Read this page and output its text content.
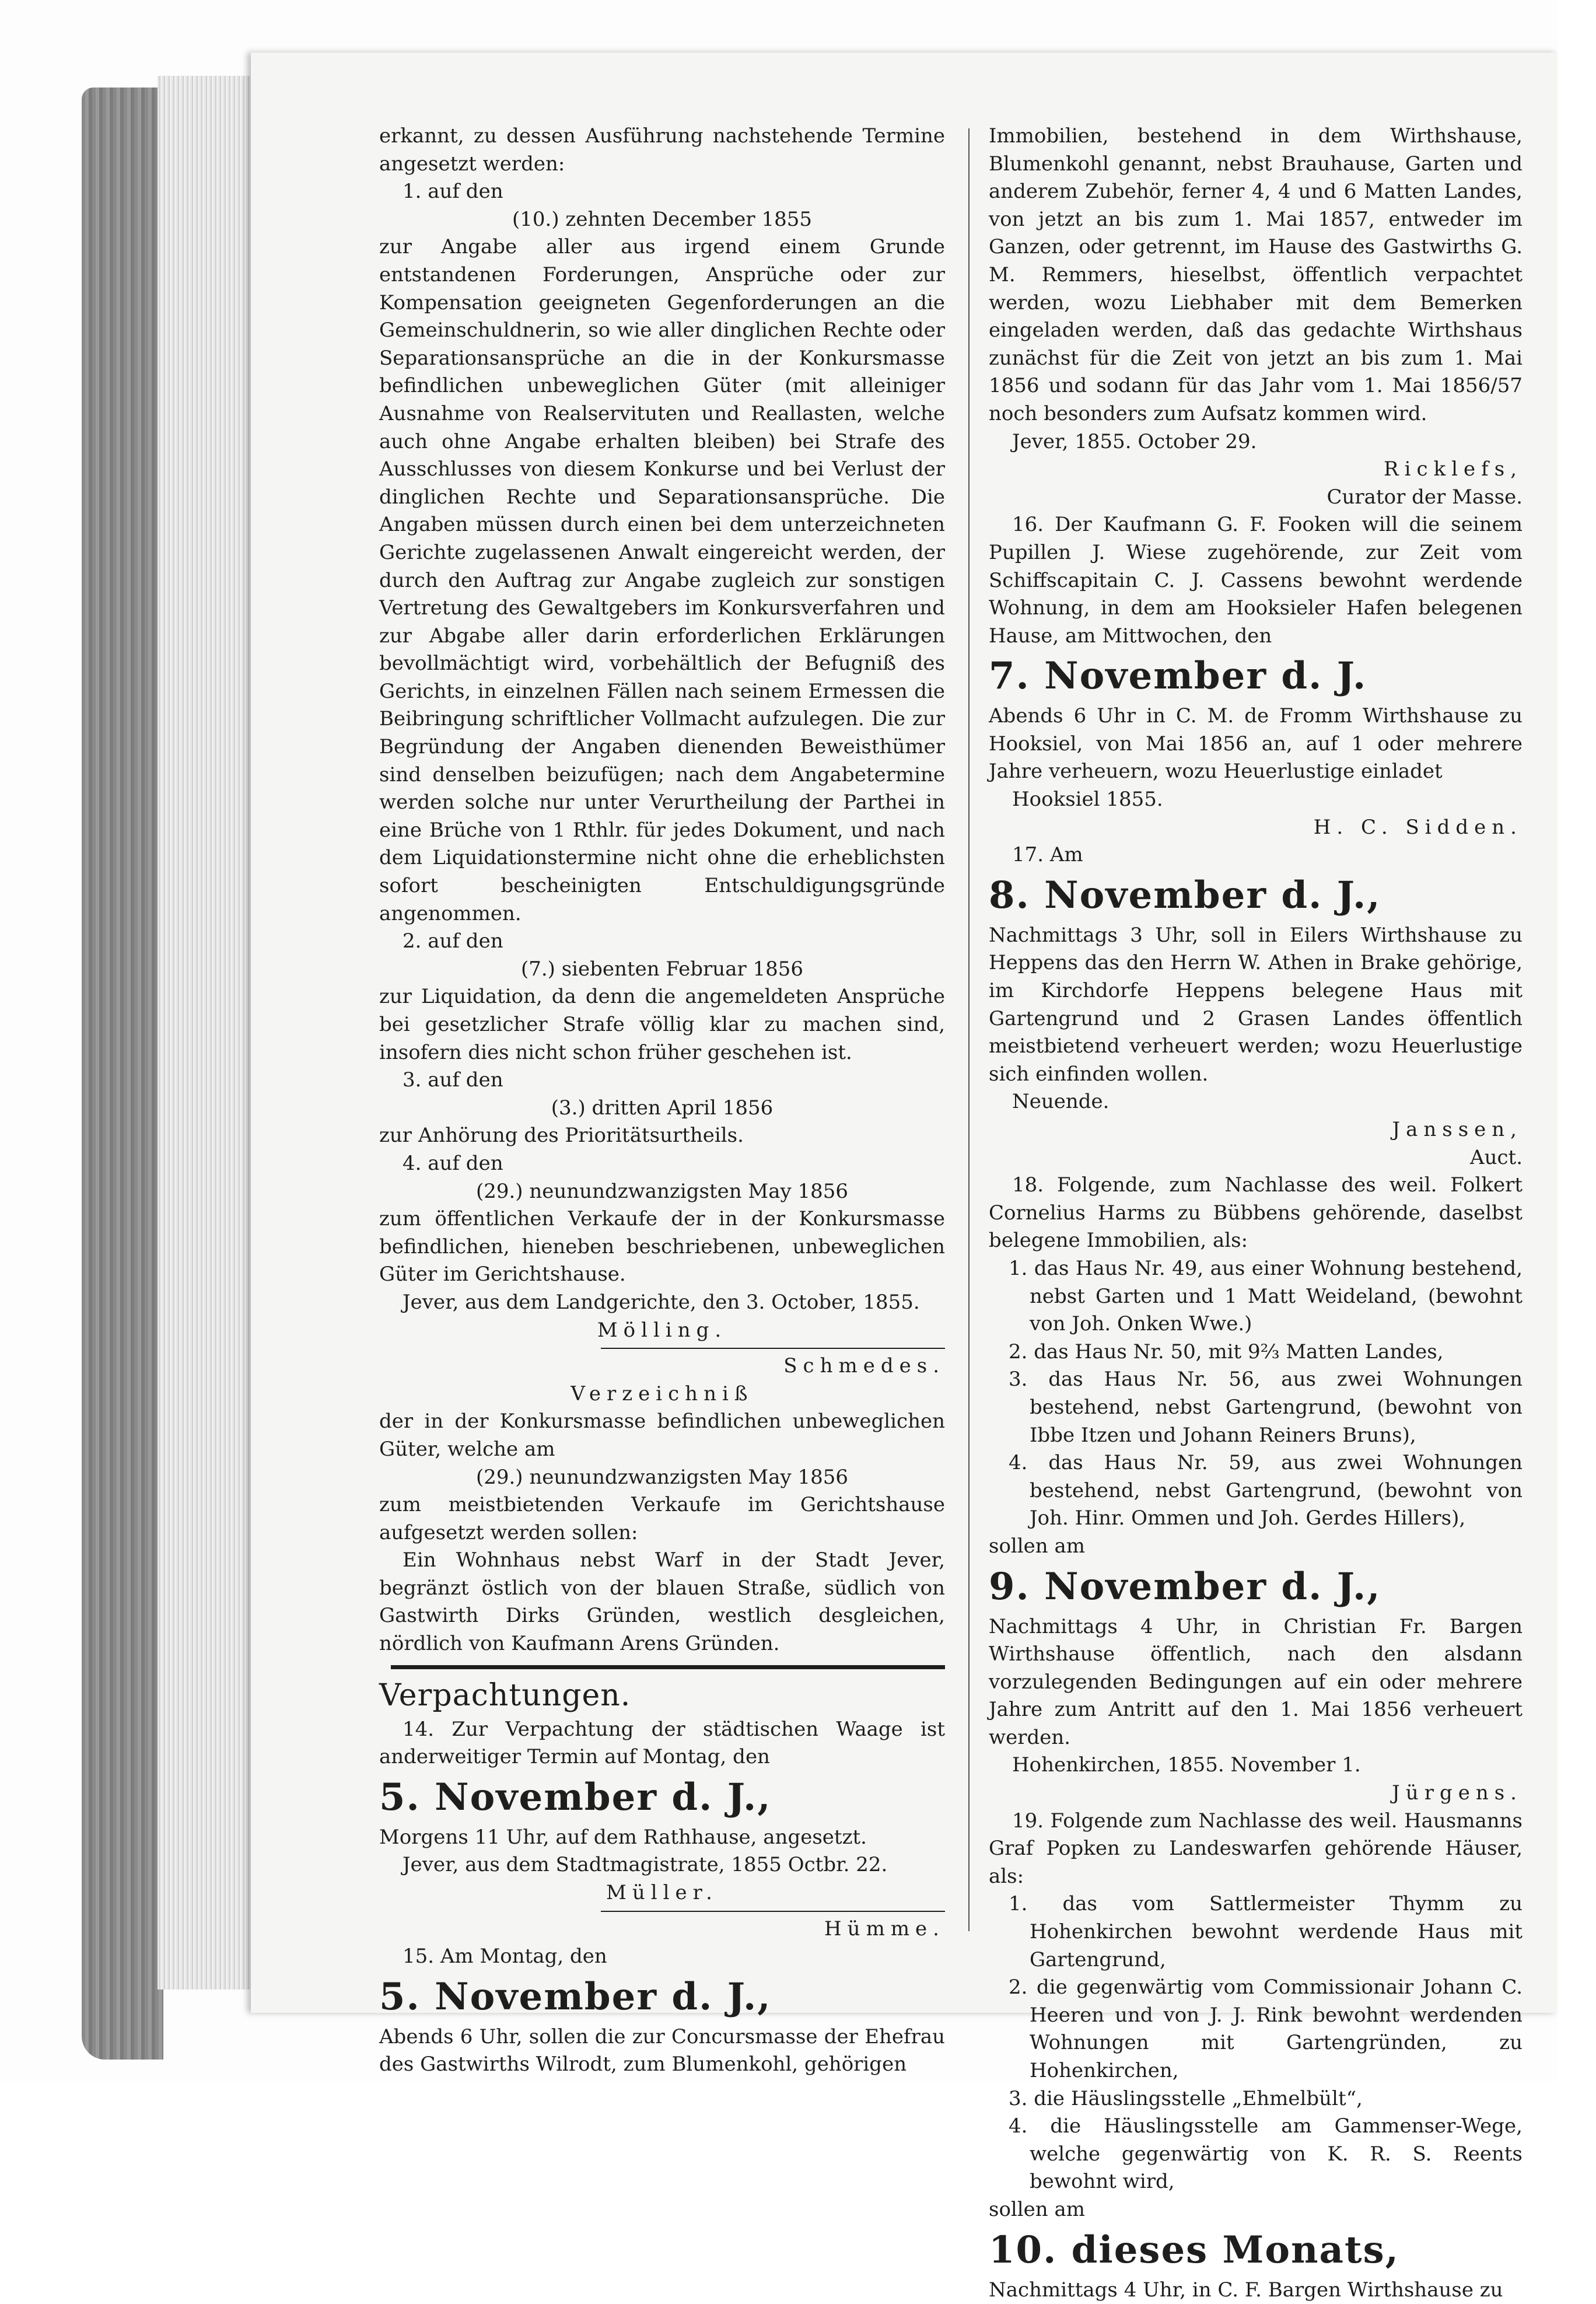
erkannt, zu dessen Ausführung nachstehende Termine angesetzt werden:

1. auf den

(10.) zehnten December 1855

zur Angabe aller aus irgend einem Grunde entstandenen Forderungen, Ansprüche oder zur Kompensation geeigneten Gegenforderungen an die Gemeinschuldnerin, so wie aller dinglichen Rechte oder Separationsansprüche an die in der Konkursmasse befindlichen unbeweglichen Güter (mit alleiniger Ausnahme von Realservituten und Reallasten, welche auch ohne Angabe erhalten bleiben) bei Strafe des Ausschlusses von diesem Konkurse und bei Verlust der dinglichen Rechte und Separationsansprüche. Die Angaben müssen durch einen bei dem unterzeichneten Gerichte zugelassenen Anwalt eingereicht werden, der durch den Auftrag zur Angabe zugleich zur sonstigen Vertretung des Gewaltgebers im Konkursverfahren und zur Abgabe aller darin erforderlichen Erklärungen bevollmächtigt wird, vorbehältlich der Befugniß des Gerichts, in einzelnen Fällen nach seinem Ermessen die Beibringung schriftlicher Vollmacht aufzulegen. Die zur Begründung der Angaben dienenden Beweisthümer sind denselben beizufügen; nach dem Angabetermine werden solche nur unter Verurtheilung der Parthei in eine Brüche von 1 Rthlr. für jedes Dokument, und nach dem Liquidationstermine nicht ohne die erheblichsten sofort bescheinigten Entschuldigungsgründe angenommen.

2. auf den

(7.) siebenten Februar 1856

zur Liquidation, da denn die angemeldeten Ansprüche bei gesetzlicher Strafe völlig klar zu machen sind, insofern dies nicht schon früher geschehen ist.

3. auf den

(3.) dritten April 1856

zur Anhörung des Prioritätsurtheils.

4. auf den

(29.) neunundzwanzigsten May 1856

zum öffentlichen Verkaufe der in der Konkursmasse befindlichen, hieneben beschriebenen, unbeweglichen Güter im Gerichtshause.

Jever, aus dem Landgerichte, den 3. October, 1855.

Mölling.

Schmedes.

Verzeichniß

der in der Konkursmasse befindlichen unbeweglichen Güter, welche am

(29.) neunundzwanzigsten May 1856

zum meistbietenden Verkaufe im Gerichtshause aufgesetzt werden sollen:

Ein Wohnhaus nebst Warf in der Stadt Jever, begränzt östlich von der blauen Straße, südlich von Gastwirth Dirks Gründen, westlich desgleichen, nördlich von Kaufmann Arens Gründen.

Verpachtungen.

14. Zur Verpachtung der städtischen Waage ist anderweitiger Termin auf Montag, den

5. November d. J.,

Morgens 11 Uhr, auf dem Rathhause, angesetzt.

Jever, aus dem Stadtmagistrate, 1855 Octbr. 22.

Müller.

Hümme.

15. Am Montag, den

5. November d. J.,

Abends 6 Uhr, sollen die zur Concursmasse der Ehefrau des Gastwirths Wilrodt, zum Blumenkohl, gehörigen

Immobilien, bestehend in dem Wirthshause, Blumenkohl genannt, nebst Brauhause, Garten und anderem Zubehör, ferner 4, 4 und 6 Matten Landes, von jetzt an bis zum 1. Mai 1857, entweder im Ganzen, oder getrennt, im Hause des Gastwirths G. M. Remmers, hieselbst, öffentlich verpachtet werden, wozu Liebhaber mit dem Bemerken eingeladen werden, daß das gedachte Wirthshaus zunächst für die Zeit von jetzt an bis zum 1. Mai 1856 und sodann für das Jahr vom 1. Mai 1856/57 noch besonders zum Aufsatz kommen wird.

Jever, 1855. October 29.

Ricklefs,

Curator der Masse.

16. Der Kaufmann G. F. Fooken will die seinem Pupillen J. Wiese zugehörende, zur Zeit vom Schiffscapitain C. J. Cassens bewohnt werdende Wohnung, in dem am Hooksieler Hafen belegenen Hause, am Mittwochen, den

7. November d. J.

Abends 6 Uhr in C. M. de Fromm Wirthshause zu Hooksiel, von Mai 1856 an, auf 1 oder mehrere Jahre verheuern, wozu Heuerlustige einladet

Hooksiel 1855.

H. C. Sidden.

17. Am

8. November d. J.,

Nachmittags 3 Uhr, soll in Eilers Wirthshause zu Heppens das den Herrn W. Athen in Brake gehörige, im Kirchdorfe Heppens belegene Haus mit Gartengrund und 2 Grasen Landes öffentlich meistbietend verheuert werden; wozu Heuerlustige sich einfinden wollen.

Neuende.

Janssen,

Auct.

18. Folgende, zum Nachlasse des weil. Folkert Cornelius Harms zu Bübbens gehörende, daselbst belegene Immobilien, als:

1. das Haus Nr. 49, aus einer Wohnung bestehend, nebst Garten und 1 Matt Weideland, (bewohnt von Joh. Onken Wwe.)

2. das Haus Nr. 50, mit 9⅔ Matten Landes,

3. das Haus Nr. 56, aus zwei Wohnungen bestehend, nebst Gartengrund, (bewohnt von Ibbe Itzen und Johann Reiners Bruns),

4. das Haus Nr. 59, aus zwei Wohnungen bestehend, nebst Gartengrund, (bewohnt von Joh. Hinr. Ommen und Joh. Gerdes Hillers),

sollen am

9. November d. J.,

Nachmittags 4 Uhr, in Christian Fr. Bargen Wirthshause öffentlich, nach den alsdann vorzulegenden Bedingungen auf ein oder mehrere Jahre zum Antritt auf den 1. Mai 1856 verheuert werden.

Hohenkirchen, 1855. November 1.

Jürgens.

19. Folgende zum Nachlasse des weil. Hausmanns Graf Popken zu Landeswarfen gehörende Häuser, als:

1. das vom Sattlermeister Thymm zu Hohenkirchen bewohnt werdende Haus mit Gartengrund,

2. die gegenwärtig vom Commissionair Johann C. Heeren und von J. J. Rink bewohnt werdenden Wohnungen mit Gartengründen, zu Hohenkirchen,

3. die Häuslingsstelle „Ehmelbült“,

4. die Häuslingsstelle am Gammenser-Wege, welche gegenwärtig von K. R. S. Reents bewohnt wird,

sollen am

10. dieses Monats,

Nachmittags 4 Uhr, in C. F. Bargen Wirthshause zu
